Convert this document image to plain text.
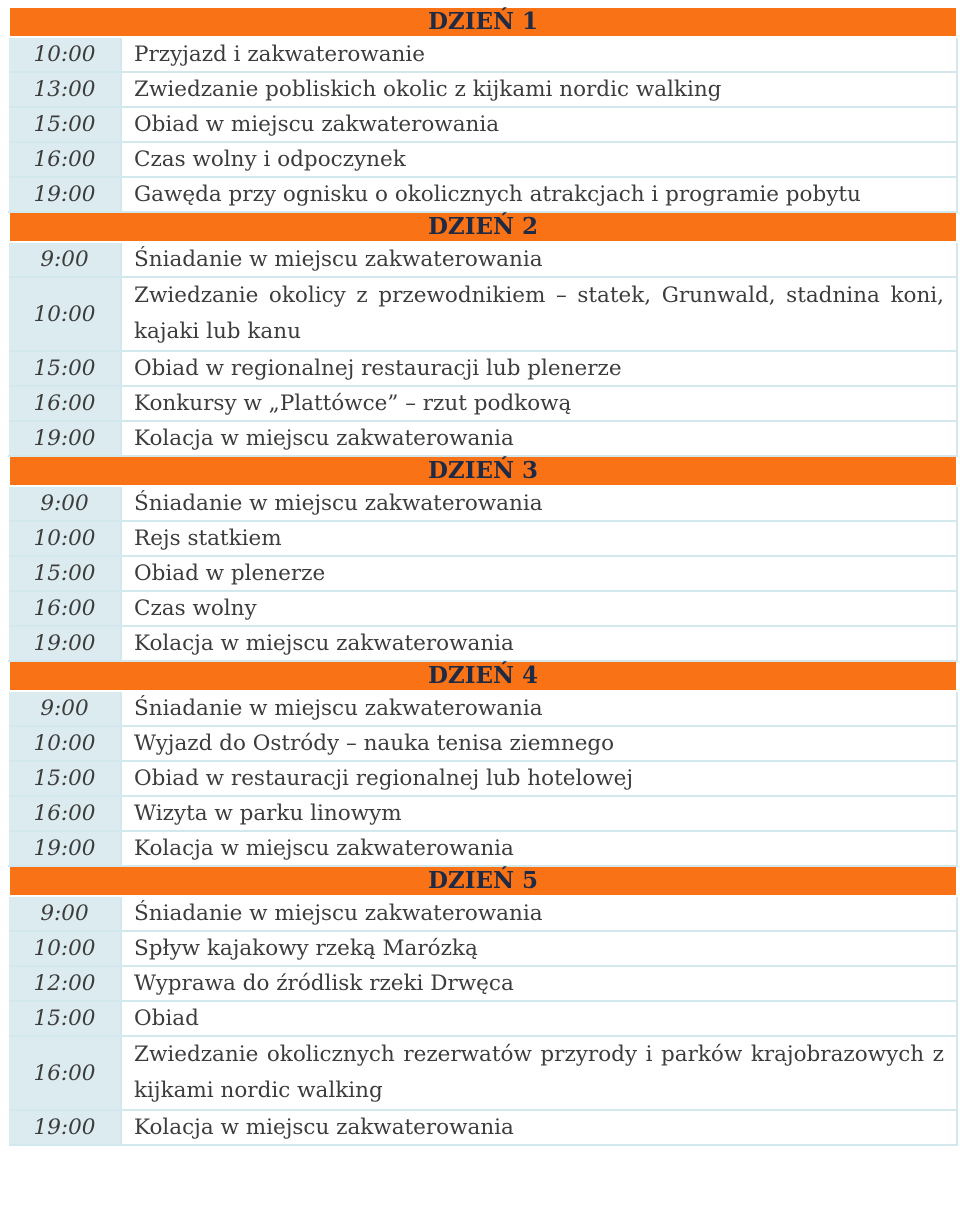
DZIEŃ 1	
10:00	Przyjazd i zakwaterowanie
13:00	Zwiedzanie pobliskich okolic z kijkami nordic walking
15:00	Obiad w miejscu zakwaterowania
16:00	Czas wolny i odpoczynek
19:00	Gawęda przy ognisku o okolicznych atrakcjach i programie pobytu
DZIEŃ 2	
9:00	Śniadanie w miejscu zakwaterowania
10:00	Zwiedzanie okolicy z przewodnikiem – statek, Grunwald, stadnina koni, kajaki lub kanu
15:00	Obiad w regionalnej restauracji lub plenerze
16:00	Konkursy w „Plattówce” – rzut podkową
19:00	Kolacja w miejscu zakwaterowania
DZIEŃ 3	
9:00	Śniadanie w miejscu zakwaterowania
10:00	Rejs statkiem
15:00	Obiad w plenerze
16:00	Czas wolny
19:00	Kolacja w miejscu zakwaterowania
DZIEŃ 4	
9:00	Śniadanie w miejscu zakwaterowania
10:00	Wyjazd do Ostródy – nauka tenisa ziemnego
15:00	Obiad w restauracji regionalnej lub hotelowej
16:00	Wizyta w parku linowym
19:00	Kolacja w miejscu zakwaterowania
DZIEŃ 5	
9:00	Śniadanie w miejscu zakwaterowania
10:00	Spływ kajakowy rzeką Marózką
12:00	Wyprawa do źródlisk rzeki Drwęca
15:00	Obiad
16:00	Zwiedzanie okolicznych rezerwatów przyrody i parków krajobrazowych z kijkami nordic walking
19:00	Kolacja w miejscu zakwaterowania
